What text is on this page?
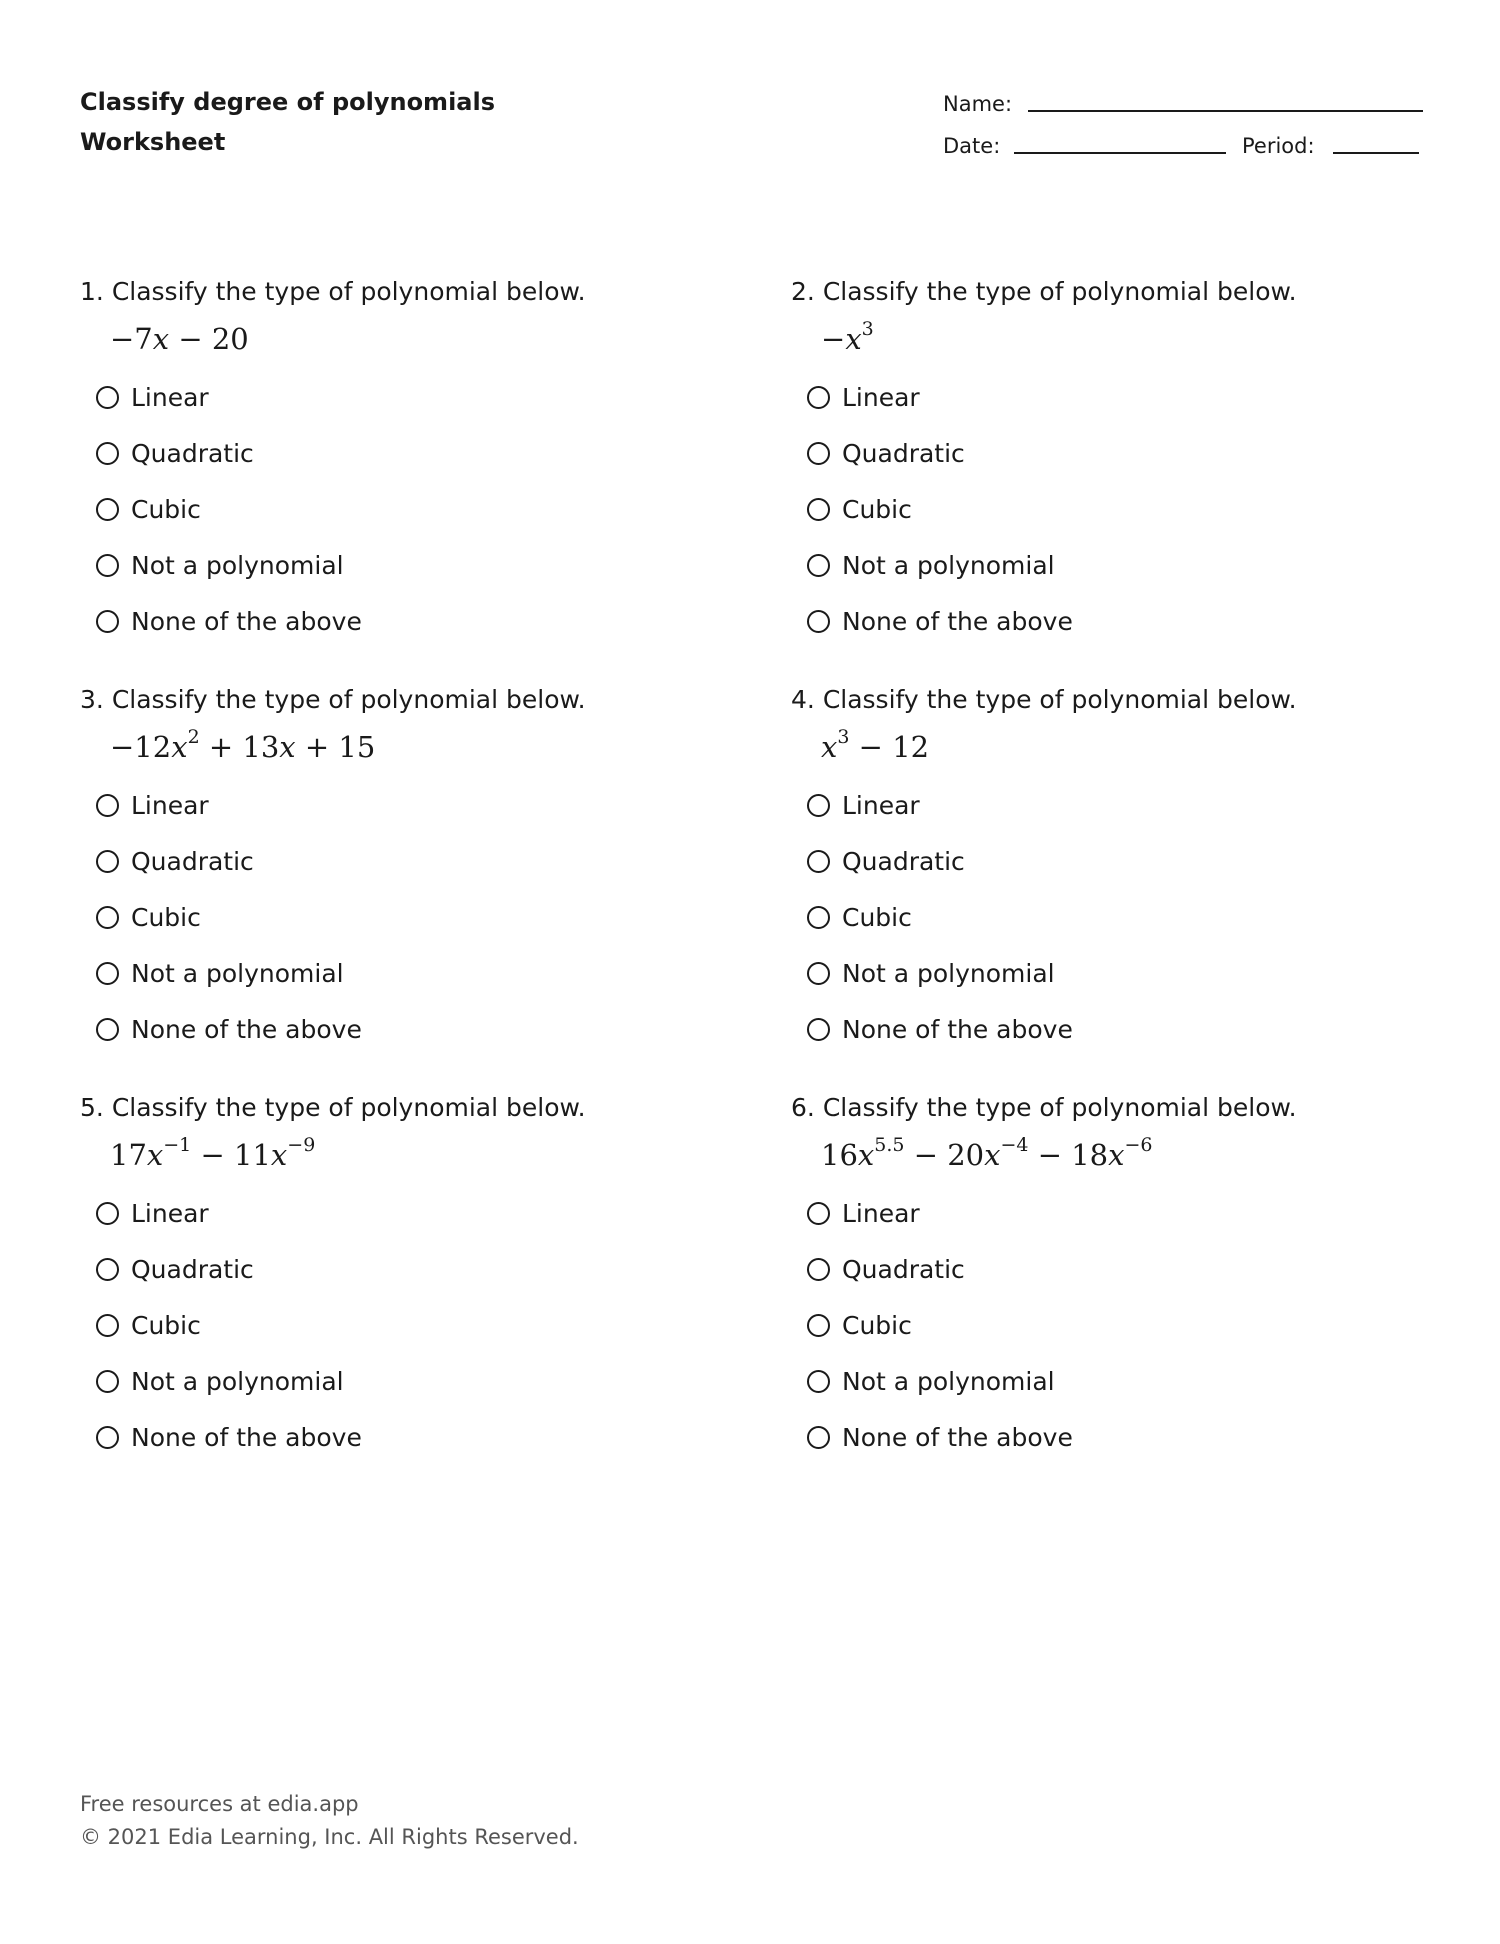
Classify degree of polynomials
Worksheet
Name:
Date:	Period:
1. Classify the type of polynomial below.
−7x − 20
Linear
Quadratic
Cubic
Not a polynomial
None of the above
2. Classify the type of polynomial below.
$-x^3$
Linear
Quadratic
Cubic
Not a polynomial
None of the above
3. Classify the type of polynomial below.
$-12x^2 + 13x + 15$
Linear
Quadratic
Cubic
Not a polynomial
None of the above
4. Classify the type of polynomial below.
$x^3 - 12$
Linear
Quadratic
Cubic
Not a polynomial
None of the above
5. Classify the type of polynomial below.
$17x^{-1} - 11x^{-9}$
Linear
Quadratic
Cubic
Not a polynomial
None of the above
6. Classify the type of polynomial below.
$16x^{5.5} - 20x^{-4} - 18x^{-6}$
Linear
Quadratic
Cubic
Not a polynomial
None of the above
Free resources at edia.app
© 2021 Edia Learning, Inc. All Rights Reserved.
